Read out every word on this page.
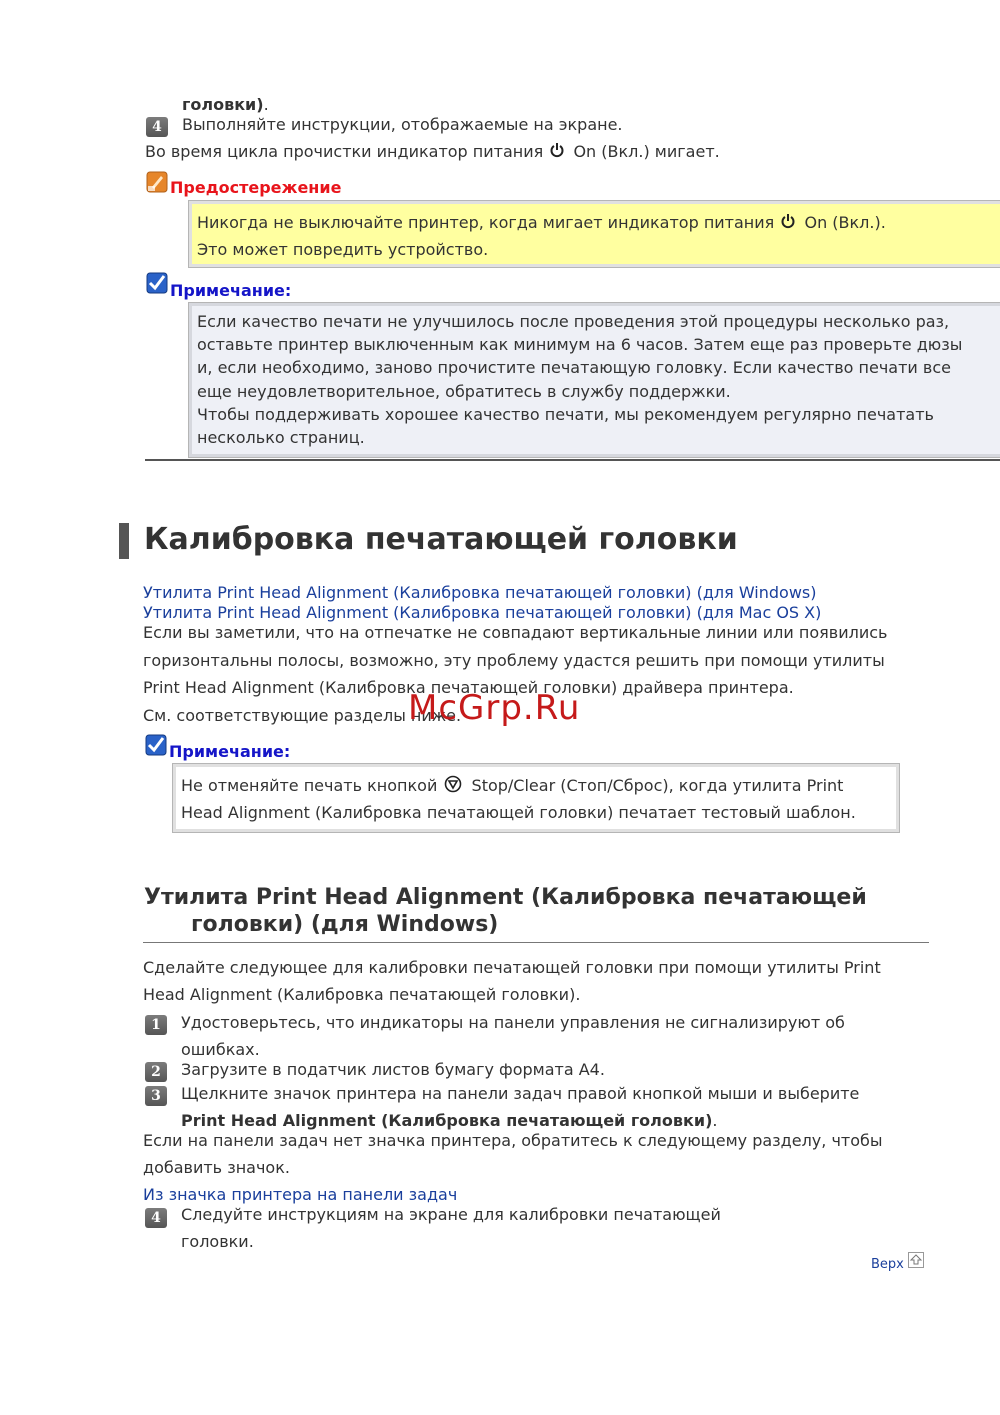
головки).
4	Выполняйте инструкции, отображаемые на экране.
Во время цикла прочистки индикатор питания On (Вкл.) мигает.
Предостережение
Никогда не выключайте принтер, когда мигает индикатор питания On (Вкл.).
Это может повредить устройство.
Примечание:
Если качество печати не улучшилось после проведения этой процедуры несколько раз,
оставьте принтер выключенным как минимум на 6 часов. Затем еще раз проверьте дюзы
и, если необходимо, заново прочистите печатающую головку. Если качество печати все
еще неудовлетворительное, обратитесь в службу поддержки.
Чтобы поддерживать хорошее качество печати, мы рекомендуем регулярно печатать
несколько страниц.
Калибровка печатающей головки
Утилита Print Head Alignment (Калибровка печатающей головки) (для Windows)
Утилита Print Head Alignment (Калибровка печатающей головки) (для Mac OS X)
Если вы заметили, что на отпечатке не совпадают вертикальные линии или появились
горизонтальны полосы, возможно, эту проблему удастся решить при помощи утилиты
Print Head Alignment (Калибровка печатающей головки) драйвера принтера.
См. соответствующие разделы ниже.
McGrp.Ru
Примечание:
Не отменяйте печать кнопкой Stop/Clear (Стоп/Сброс), когда утилита Print
Head Alignment (Калибровка печатающей головки) печатает тестовый шаблон.
Утилита Print Head Alignment (Калибровка печатающей
головки) (для Windows)
Сделайте следующее для калибровки печатающей головки при помощи утилиты Print
Head Alignment (Калибровка печатающей головки).
1	Удостоверьтесь, что индикаторы на панели управления не сигнализируют об
ошибках.
2	Загрузите в податчик листов бумагу формата А4.
3	Щелкните значок принтера на панели задач правой кнопкой мыши и выберите
Print Head Alignment (Калибровка печатающей головки).
Если на панели задач нет значка принтера, обратитесь к следующему разделу, чтобы
добавить значок.
Из значка принтера на панели задач
4	Следуйте инструкциям на экране для калибровки печатающей
головки.
Верх
